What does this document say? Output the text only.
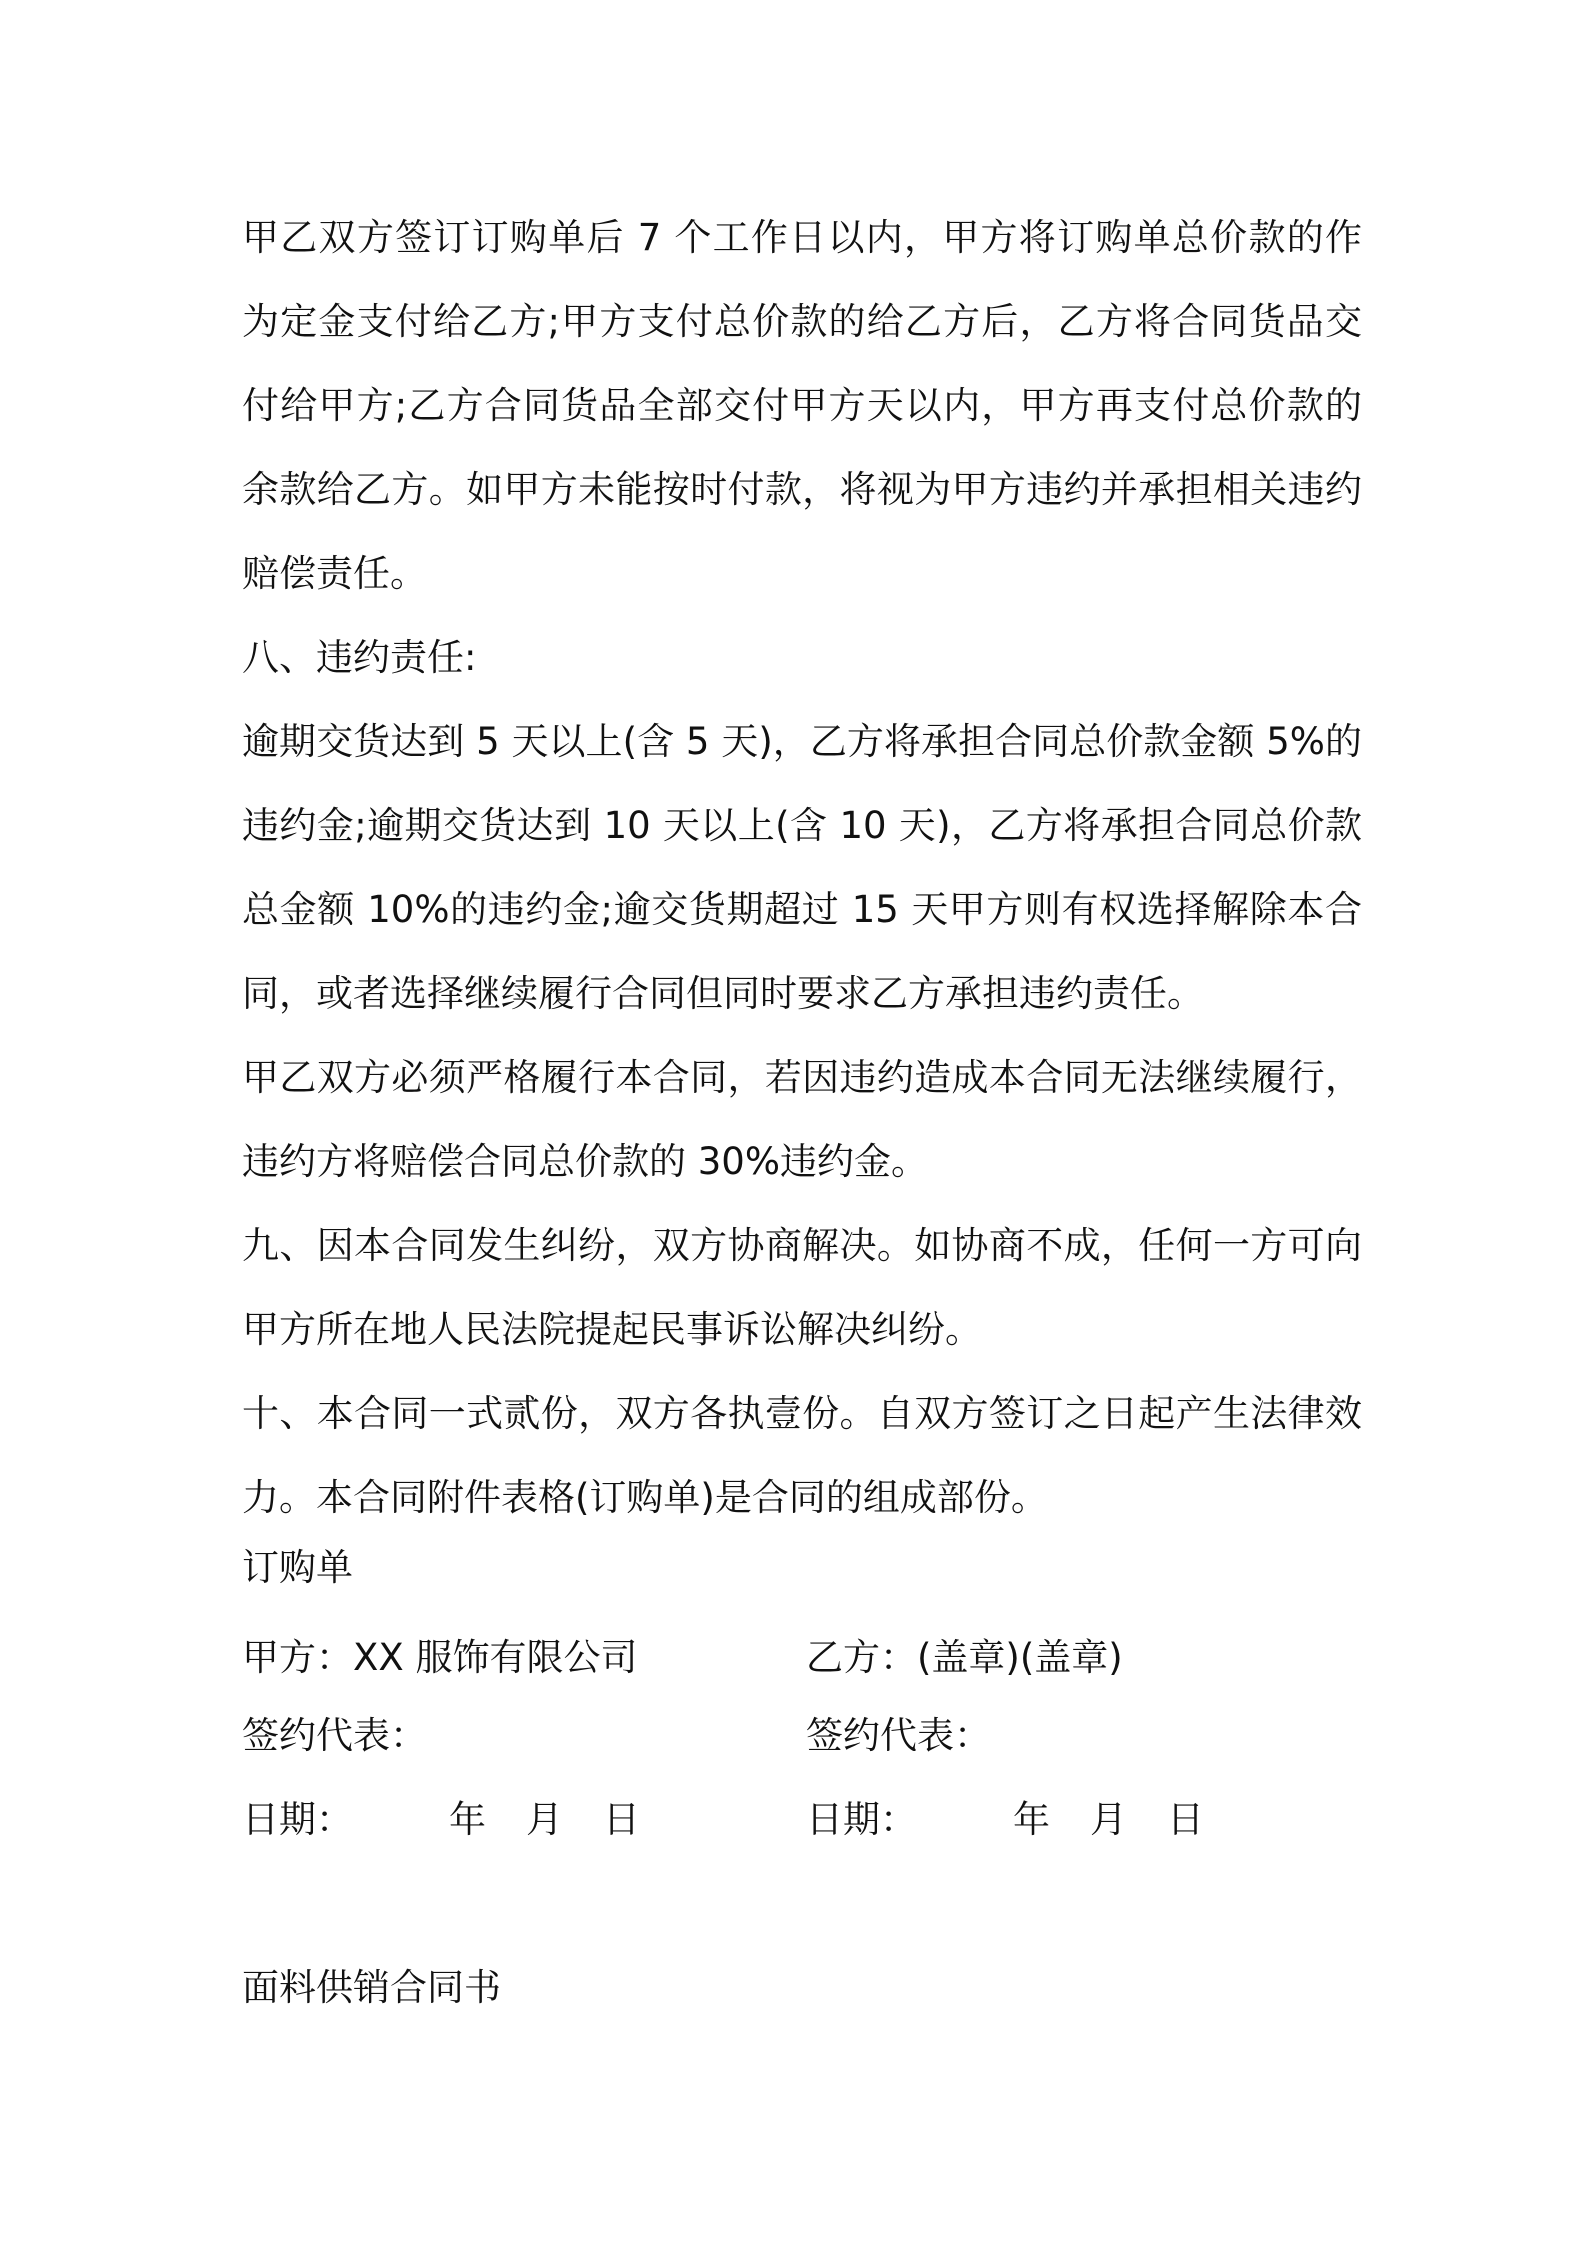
甲乙双方签订订购单后 7 个工作日以内，甲方将订购单总价款的作为定金支付给乙方;甲方支付总价款的给乙方后，乙方将合同货品交付给甲方;乙方合同货品全部交付甲方天以内，甲方再支付总价款的余款给乙方。如甲方未能按时付款，将视为甲方违约并承担相关违约赔偿责任。

八、违约责任:

逾期交货达到 5 天以上(含 5 天)，乙方将承担合同总价款金额 5%的违约金;逾期交货达到 10 天以上(含 10 天)，乙方将承担合同总价款总金额 10%的违约金;逾交货期超过 15 天甲方则有权选择解除本合同，或者选择继续履行合同但同时要求乙方承担违约责任。

甲乙双方必须严格履行本合同，若因违约造成本合同无法继续履行，违约方将赔偿合同总价款的 30%违约金。

九、因本合同发生纠纷，双方协商解决。如协商不成，任何一方可向甲方所在地人民法院提起民事诉讼解决纠纷。

十、本合同一式贰份，双方各执壹份。自双方签订之日起产生法律效力。本合同附件表格(订购单)是合同的组成部份。

订购单
甲方：XX 服饰有限公司	乙方：(盖章)(盖章)
签约代表：	签约代表：
日期：	年 月 日	日期：	年 月 日
面料供销合同书
